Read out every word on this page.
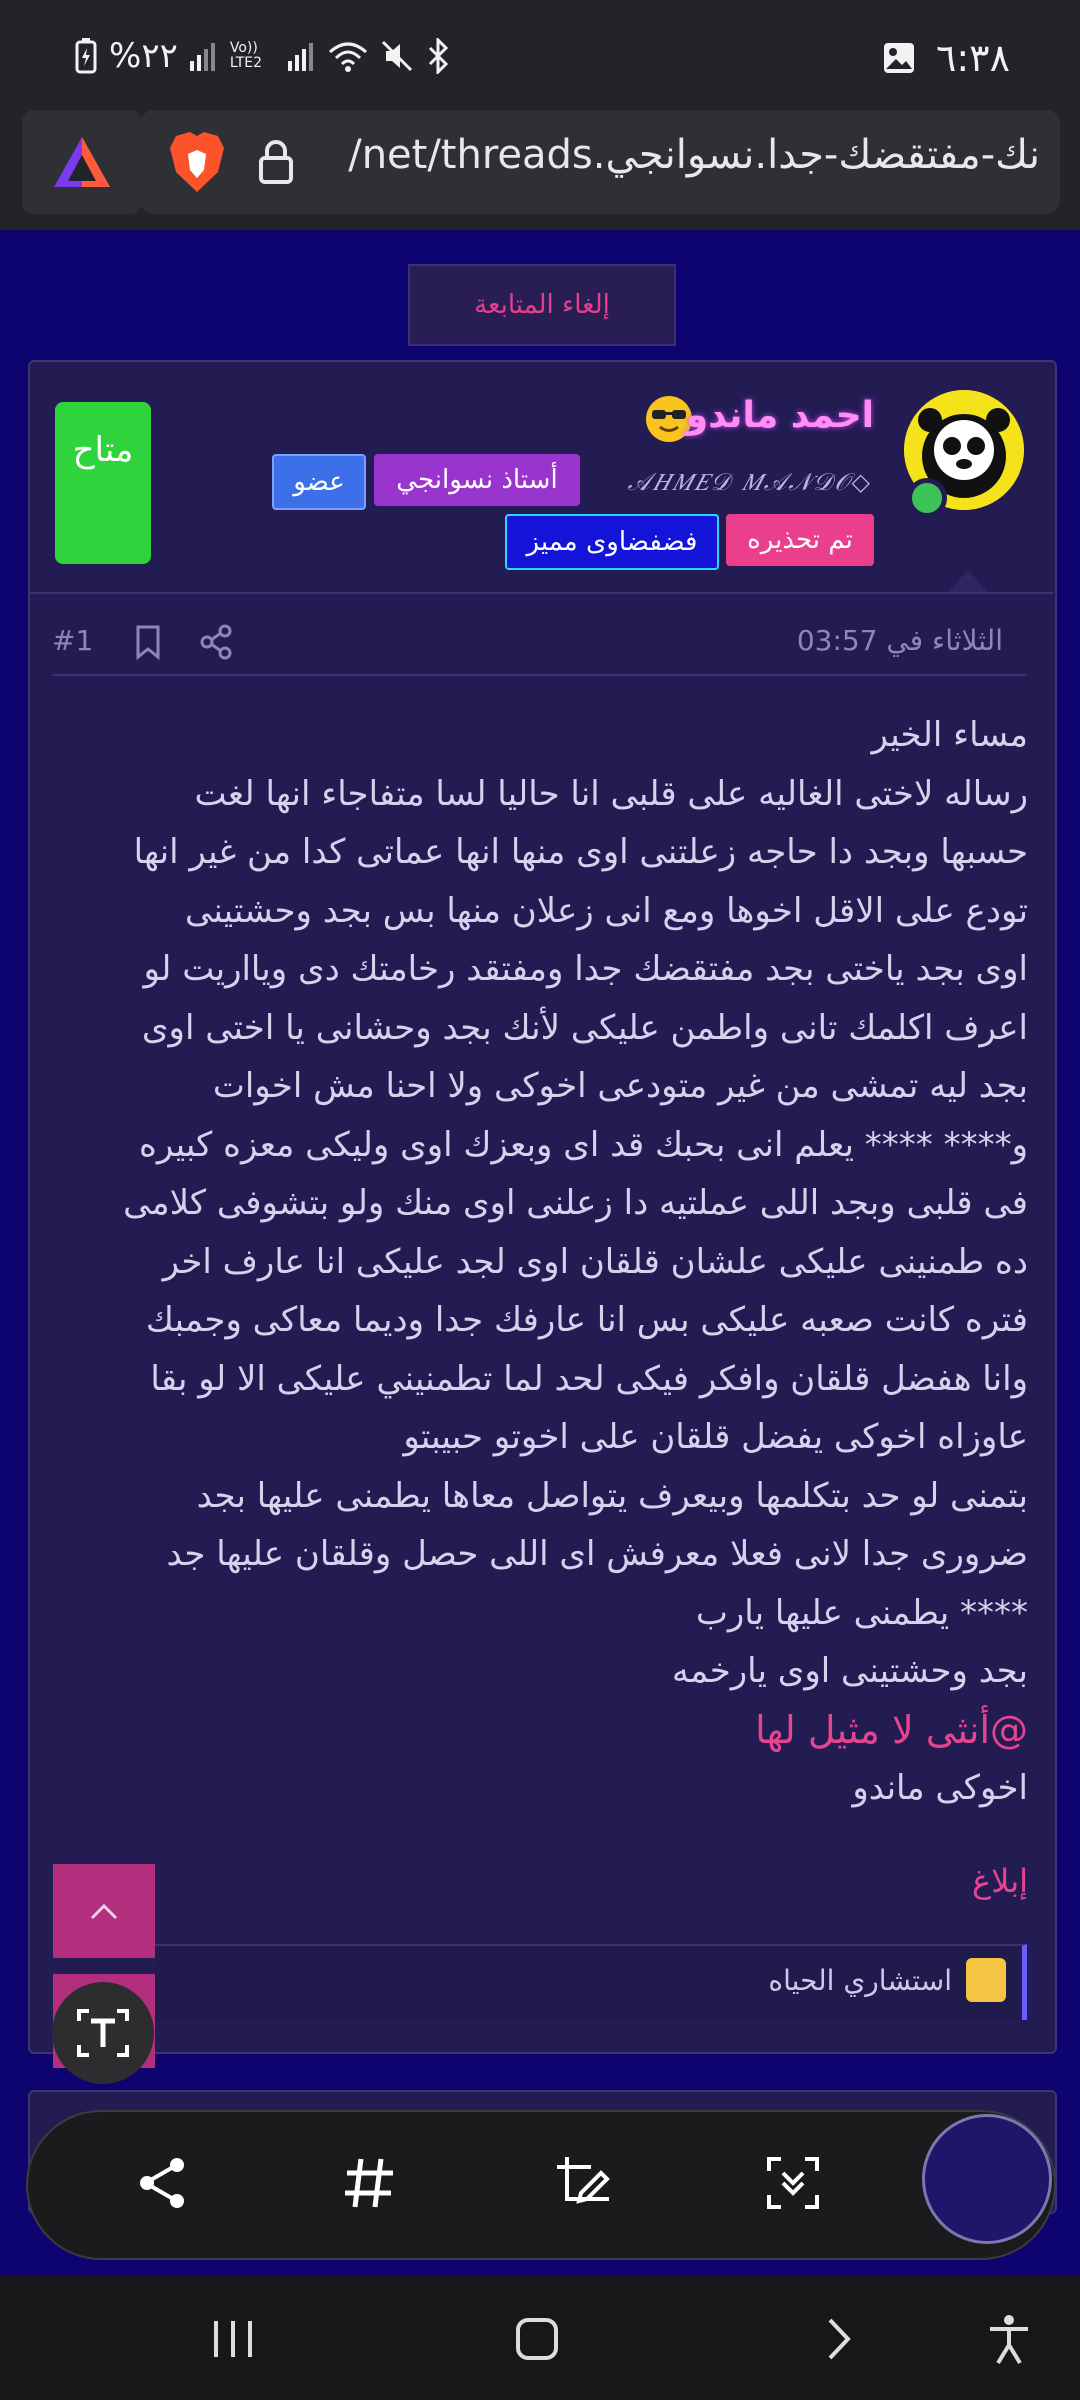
%٢٢	Vo)) LTE2	٦:٣٨
نك-مفتقضك-جدا.نسوانجي.net/threads/
إلغاء المتابعة
متاح
احمد ماندو
𝒜𝐻𝑀𝐸𝒟 𝑀𝒜𝒩𝒟𝒪◇
أستاذ نسوانجي
عضو
تم تحذيره
فضفضاوى مميز
الثلاثاء في 03:57
#1
مساء الخير
رساله لاختى الغاليه على قلبى انا حاليا لسا متفاجاء انها لغت
حسبها وبجد دا حاجه زعلتنى اوى منها انها عماتى كدا من غير انها
تودع على الاقل اخوها ومع انى زعلان منها بس بجد وحشتينى
اوى بجد ياختى بجد مفتقضك جدا ومفتقد رخامتك دى ويااريت لو
اعرف اكلمك تانى واطمن عليكى لأنك بجد وحشانى يا اختى اوى
بجد ليه تمشى من غير متودعى اخوكى ولا احنا مش اخوات
و**** **** يعلم انى بحبك قد اى وبعزك اوى وليكى معزه كبيره
فى قلبى وبجد اللى عملتيه دا زعلنى اوى منك ولو بتشوفى كلامى
ده طمنينى عليكى علشان قلقان اوى لجد عليكى انا عارف اخر
فتره كانت صعبه عليكى بس انا عارفك جدا وديما معاكى وجمبك
وانا هفضل قلقان وافكر فيكى لحد لما تطمنيني عليكى الا لو بقا
عاوزاه اخوكى يفضل قلقان على اخوتو حبيبتو
بتمنى لو حد بتكلمها وبيعرف يتواصل معاها يطمنى عليها بجد
ضرورى جدا لانى فعلا معرفش اى اللى حصل وقلقان عليها جد
**** يطمنى عليها يارب
بجد وحشتينى اوى يارخمه
@أنثى لا مثيل لها
اخوكى ماندو
إبلاغ
استشاري الحياه
